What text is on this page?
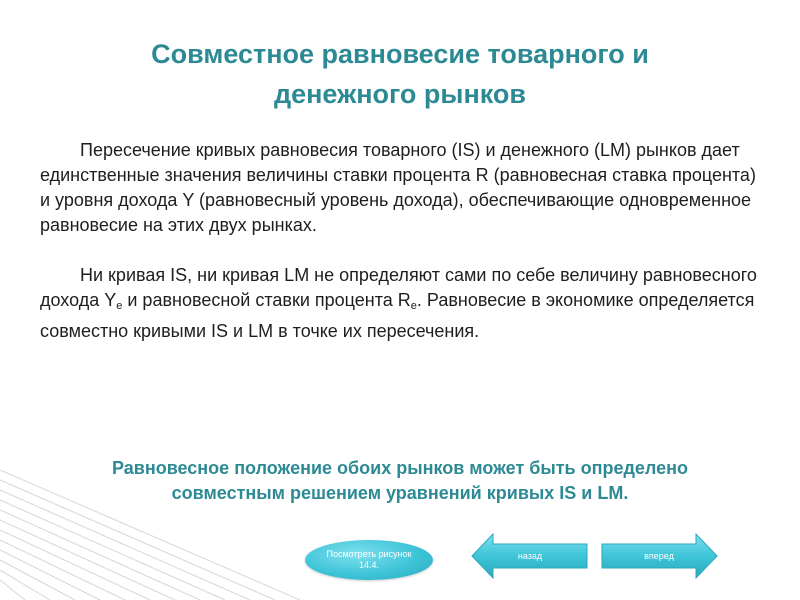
Совместное равновесие товарного и
денежного рынков

Пересечение кривых равновесия товарного (IS) и денежного (LM) рынков дает единственные значения величины ставки процента R (равновесная ставка процента) и уровня дохода Y (равновесный уровень дохода), обеспечивающие одновременное равновесие на этих двух рынках.

Ни кривая IS, ни кривая LM не определяют сами по себе величину равновесного дохода $Y_e$ и равновесной ставки процента $R_e$. Равновесие в экономике определяется совместно кривыми IS и LM в точке их пересечения.

Равновесное положение обоих рынков может быть определено
совместным решением уравнений кривых IS и LM.
Посмотреть рисунок 14.4.
назад	вперед
